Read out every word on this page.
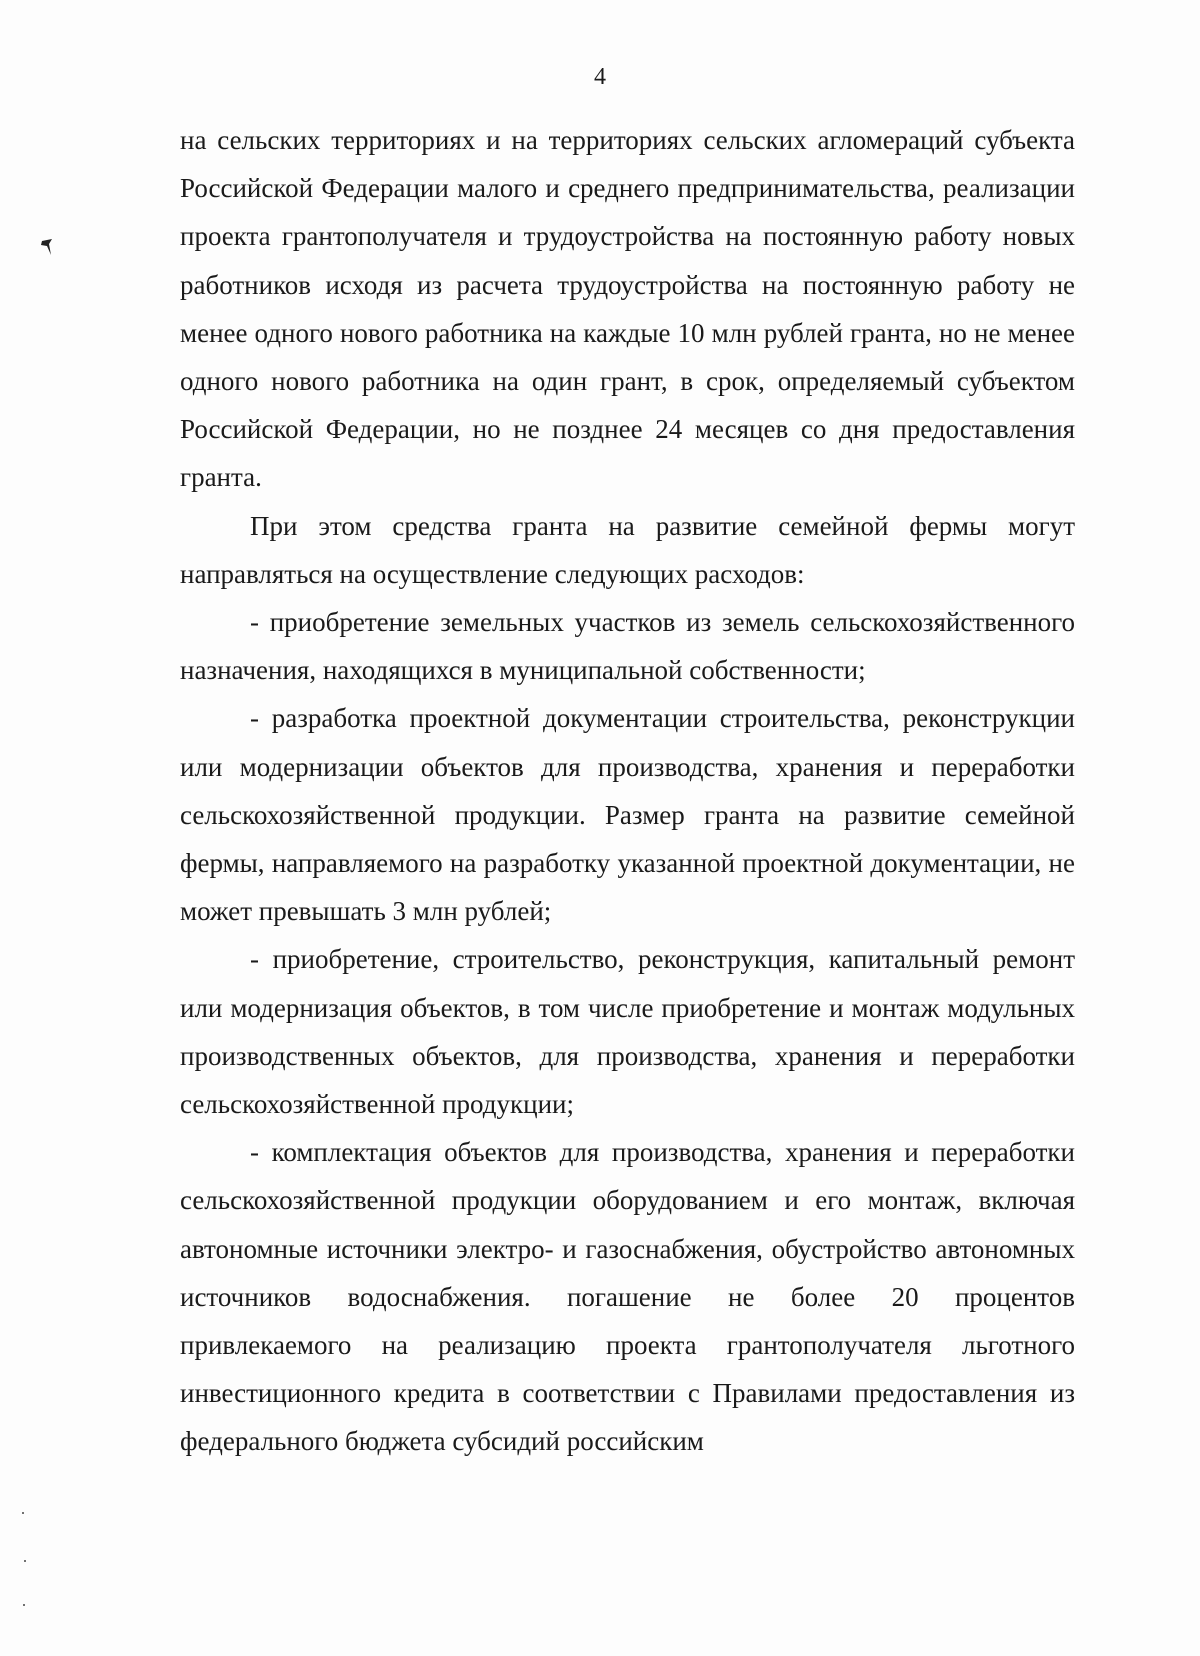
4

на сельских территориях и на территориях сельских агломераций субъекта Российской Федерации малого и среднего предпринимательства, реализации проекта грантополучателя и трудоустройства на постоянную работу новых работников исходя из расчета трудоустройства на постоянную работу не менее одного нового работника на каждые 10 млн рублей гранта, но не менее одного нового работника на один грант, в срок, определяемый субъектом Российской Федерации, но не позднее 24 месяцев со дня предоставления гранта.

При этом средства гранта на развитие семейной фермы могут направляться на осуществление следующих расходов:

- приобретение земельных участков из земель сельскохозяйственного назначения, находящихся в муниципальной собственности;

- разработка проектной документации строительства, реконструкции или модернизации объектов для производства, хранения и переработки сельскохозяйственной продукции. Размер гранта на развитие семейной фермы, направляемого на разработку указанной проектной документации, не может превышать 3 млн рублей;

- приобретение, строительство, реконструкция, капитальный ремонт или модернизация объектов, в том числе приобретение и монтаж модульных производственных объектов, для производства, хранения и переработки сельскохозяйственной продукции;

- комплектация объектов для производства, хранения и переработки сельскохозяйственной продукции оборудованием и его монтаж, включая автономные источники электро- и газоснабжения, обустройство автономных источников водоснабжения. погашение не более 20 процентов привлекаемого на реализацию проекта грантополучателя льготного инвестиционного кредита в соответствии с Правилами предоставления из федерального бюджета субсидий российским
